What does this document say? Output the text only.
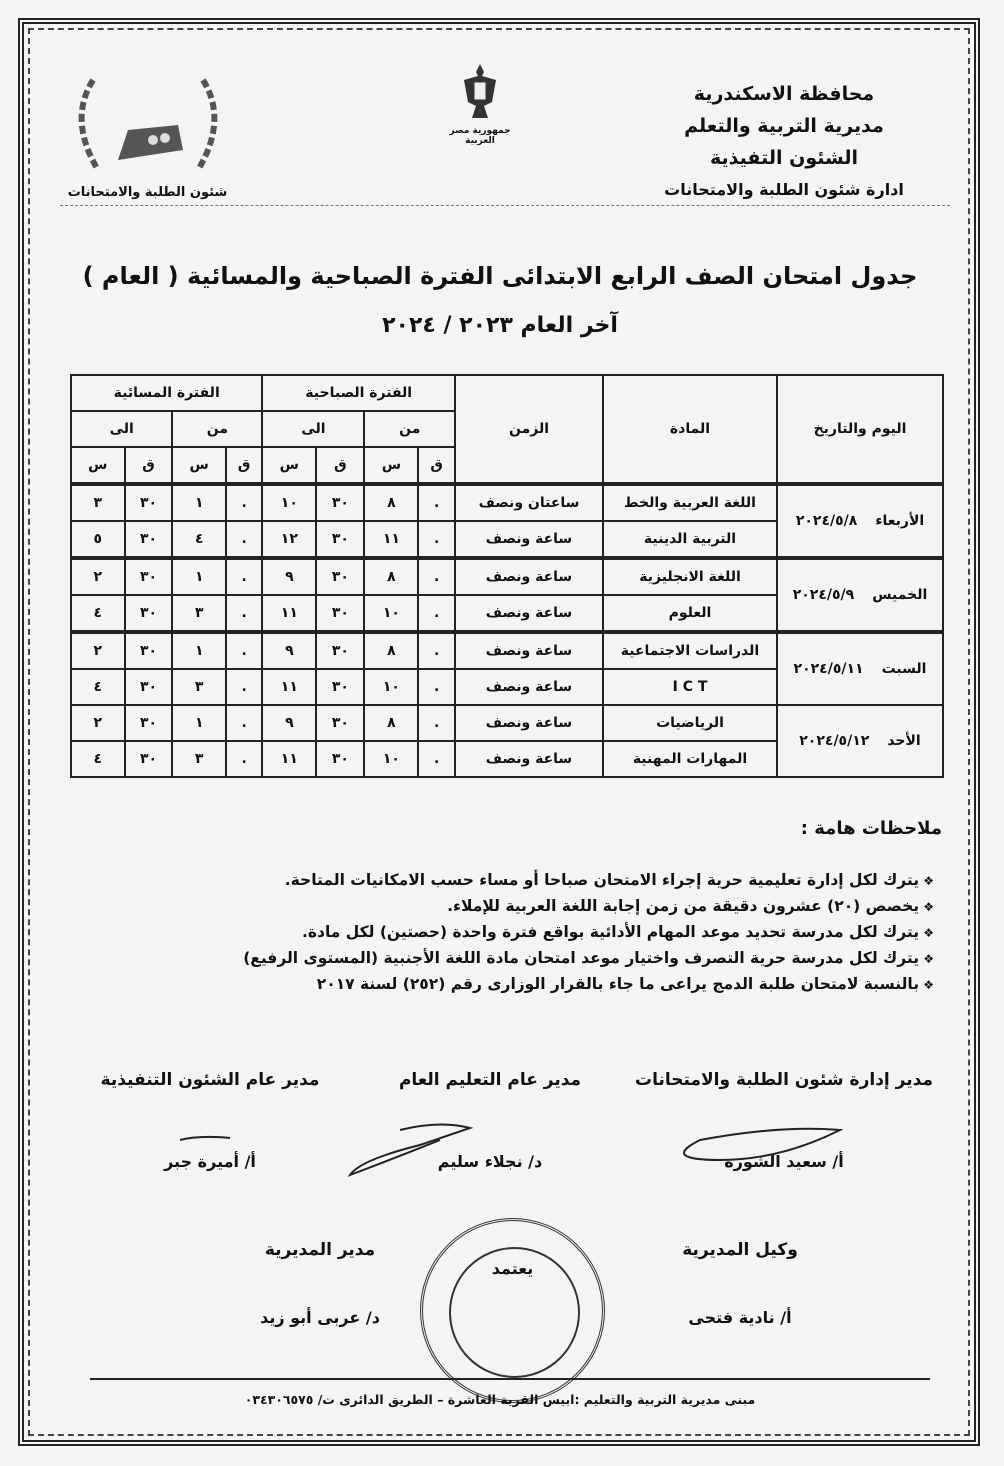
محافظة الاسكندرية
مديرية التربية والتعلم
الشئون التفيذية
ادارة شئون الطلبة والامتحانات
جمهورية مصر العربية
شئون الطلبة والامتحانات
جدول امتحان الصف الرابع الابتدائى الفترة الصباحية والمسائية ( العام )
آخر العام ٢٠٢٣ / ٢٠٢٤
اليوم والتاريخ	المادة	الزمن	الفترة الصباحية				الفترة المسائية			
			من		الى		من		الى	
			ق	س	ق	س	ق	س	ق	س
الأربعاء٢٠٢٤/٥/٨	اللغة العربية والخط	ساعتان ونصف	.	٨	٣٠	١٠	.	١	٣٠	٣
	التربية الدينية	ساعة ونصف	.	١١	٣٠	١٢	.	٤	٣٠	٥
الخميس٢٠٢٤/٥/٩	اللغة الانجليزية	ساعة ونصف	.	٨	٣٠	٩	.	١	٣٠	٢
	العلوم	ساعة ونصف	.	١٠	٣٠	١١	.	٣	٣٠	٤
السبت٢٠٢٤/٥/١١	الدراسات الاجتماعية	ساعة ونصف	.	٨	٣٠	٩	.	١	٣٠	٢
	I C T	ساعة ونصف	.	١٠	٣٠	١١	.	٣	٣٠	٤
الأحد٢٠٢٤/٥/١٢	الرياضيات	ساعة ونصف	.	٨	٣٠	٩	.	١	٣٠	٢
	المهارات المهنية	ساعة ونصف	.	١٠	٣٠	١١	.	٣	٣٠	٤
ملاحظات هامة :
❖ يترك لكل إدارة تعليمية حرية إجراء الامتحان صباحا أو مساء حسب الامكانيات المتاحة.
❖ يخصص (٢٠) عشرون دقيقة من زمن إجابة اللغة العربية للإملاء.
❖ يترك لكل مدرسة تحديد موعد المهام الأدائية بواقع فترة واحدة (حصتين) لكل مادة.
❖ يترك لكل مدرسة حرية التصرف واختيار موعد امتحان مادة اللغة الأجنبية (المستوى الرفيع)
❖ بالنسبة لامتحان طلبة الدمج يراعى ما جاء بالقرار الوزارى رقم (٢٥٢) لسنة ٢٠١٧
مدير إدارة شئون الطلبة والامتحانات
أ/ سعيد الشوره
مدير عام التعليم العام
د/ نجلاء سليم
مدير عام الشئون التنفيذية
أ/ أميرة جبر
وكيل المديرية
أ/ نادية فتحى
مدير المديرية
د/ عربى أبو زيد
يعتمد
مبنى مديرية التربية والتعليم :ابيس القرية العاشرة – الطريق الدائرى ت/ ٠٣٤٣٠٦٥٧٥
